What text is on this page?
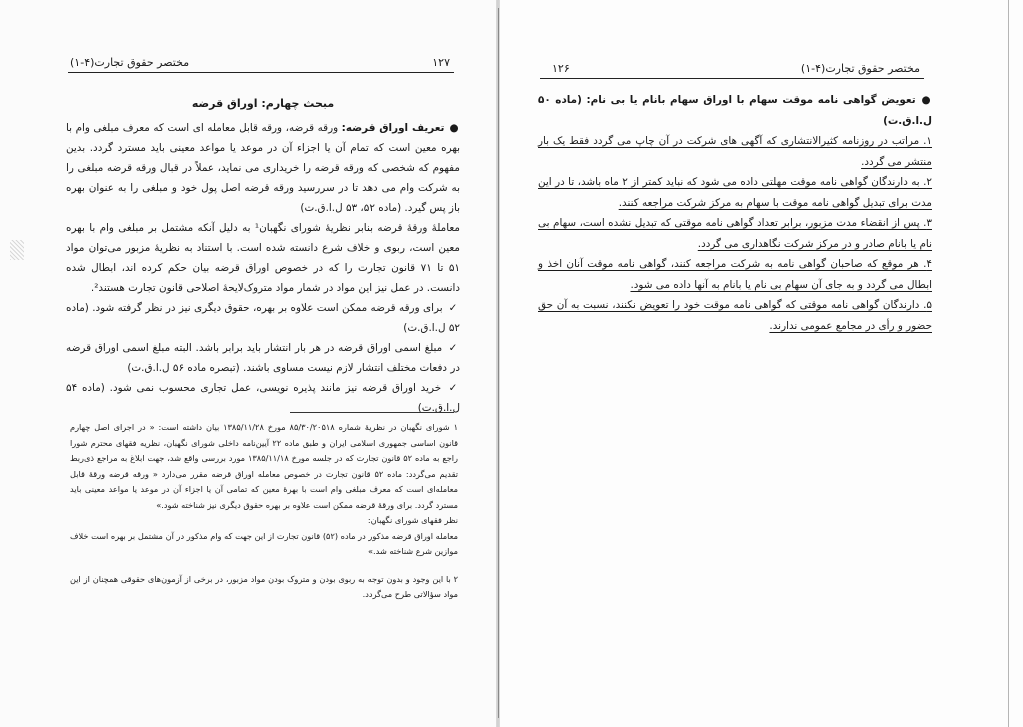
مختصر حقوق تجارت(۴-۱)	۱۲۷

مبحث چهارم: اوراق قرضه

● تعریف اوراق قرضه: ورقه قرضه، ورقه قابل معامله ای است که معرف مبلغی وام با بهره معین است که تمام آن یا اجزاء آن در موعد یا مواعد معینی باید مسترد گردد. بدین مفهوم که شخصی که ورقه قرضه را خریداری می نماید، عملاً در قبال ورقه قرضه مبلغی را به شرکت وام می دهد تا در سررسید ورقه قرضه اصل پول خود و مبلغی را به عنوان بهره باز پس گیرد. (ماده ۵۲، ۵۳ ل.ا.ق.ت)

معاملهٔ ورقهٔ قرضه بنابر نظریهٔ شورای نگهبان¹ به دلیل آنکه مشتمل بر مبلغی وام با بهره معین است، ربوی و خلاف شرع دانسته شده است. با استناد به نظریهٔ مزبور می‌توان مواد ۵۱ تا ۷۱ قانون تجارت را که در خصوص اوراق قرضه بیان حکم کرده اند، ابطال شده دانست. در عمل نیز این مواد در شمار مواد متروک‌لایحهٔ اصلاحی قانون تجارت هستند².

✓ برای ورقه قرضه ممکن است علاوه بر بهره، حقوق دیگری نیز در نظر گرفته شود. (ماده ۵۲ ل.ا.ق.ت)

✓ مبلغ اسمی اوراق قرضه در هر بار انتشار باید برابر باشد. البته مبلغ اسمی اوراق قرضه در دفعات مختلف انتشار لازم نیست مساوی باشند. (تبصره ماده ۵۶ ل.ا.ق.ت)

✓ خرید اوراق قرضه نیز مانند پذیره نویسی، عمل تجاری محسوب نمی شود. (ماده ۵۴ ل.ا.ق.ت)

۱ شورای نگهبان در نظریهٔ شماره ۸۵/۳۰/۲۰۵۱۸ مورخ ۱۳۸۵/۱۱/۲۸ بیان داشته است: « در اجرای اصل چهارم قانون اساسی جمهوری اسلامی ایران و طبق ماده ۲۲ آیین‌نامه داخلی شورای نگهبان، نظریه فقهای محترم شورا راجع به ماده ۵۲ قانون تجارت که در جلسه مورخ ۱۳۸۵/۱۱/۱۸ مورد بررسی واقع شد، جهت ابلاغ به مراجع ذی‌ربط تقدیم می‌گردد: ماده ۵۲ قانون تجارت در خصوص معامله اوراق قرضه مقرر می‌دارد « ورقه قرضه ورقهٔ قابل معامله‌ای است که معرف مبلغی وام است با بهرهٔ معین که تمامی آن یا اجزاء آن در موعد یا مواعد معینی باید مسترد گردد. برای ورقهٔ قرضه ممکن است علاوه بر بهره حقوق دیگری نیز شناخته شود.»

نظر فقهای شورای نگهبان:

معامله اوراق قرضه مذکور در ماده (۵۲) قانون تجارت از این جهت که وام مذکور در آن مشتمل بر بهره است خلاف موازین شرع شناخته شد.»

۲ با این وجود و بدون توجه به ربوی بودن و متروک بودن مواد مزبور، در برخی از آزمون‌های حقوقی همچنان از این مواد سؤالاتی طرح می‌گردد.

۱۲۶	مختصر حقوق تجارت(۴-۱)

● تعویض گواهی نامه موقت سهام با اوراق سهام بانام یا بی نام: (ماده ۵۰ ل.ا.ق.ت)

۱. مراتب در روزنامه کثیرالانتشاری که آگهی های شرکت در آن چاپ می گردد فقط یک بار منتشر می گردد.

۲. به دارندگان گواهی نامه موقت مهلتی داده می شود که نباید کمتر از ۲ ماه باشد، تا در این مدت برای تبدیل گواهی نامه موقت با سهام به مرکز شرکت مراجعه کنند.

۳. پس از انقضاء مدت مزبور، برابر تعداد گواهی نامه موقتی که تبدیل نشده است، سهام بی نام یا بانام صادر و در مرکز شرکت نگاهداری می گردد.

۴. هر موقع که صاحبان گواهی نامه به شرکت مراجعه کنند، گواهی نامه موقت آنان اخذ و ابطال می گردد و به جای آن سهام بی نام یا بانام به آنها داده می شود.

۵. دارندگان گواهی نامه موقتی که گواهی نامه موقت خود را تعویض نکنند، نسبت به آن حق حضور و رأی در مجامع عمومی ندارند.
